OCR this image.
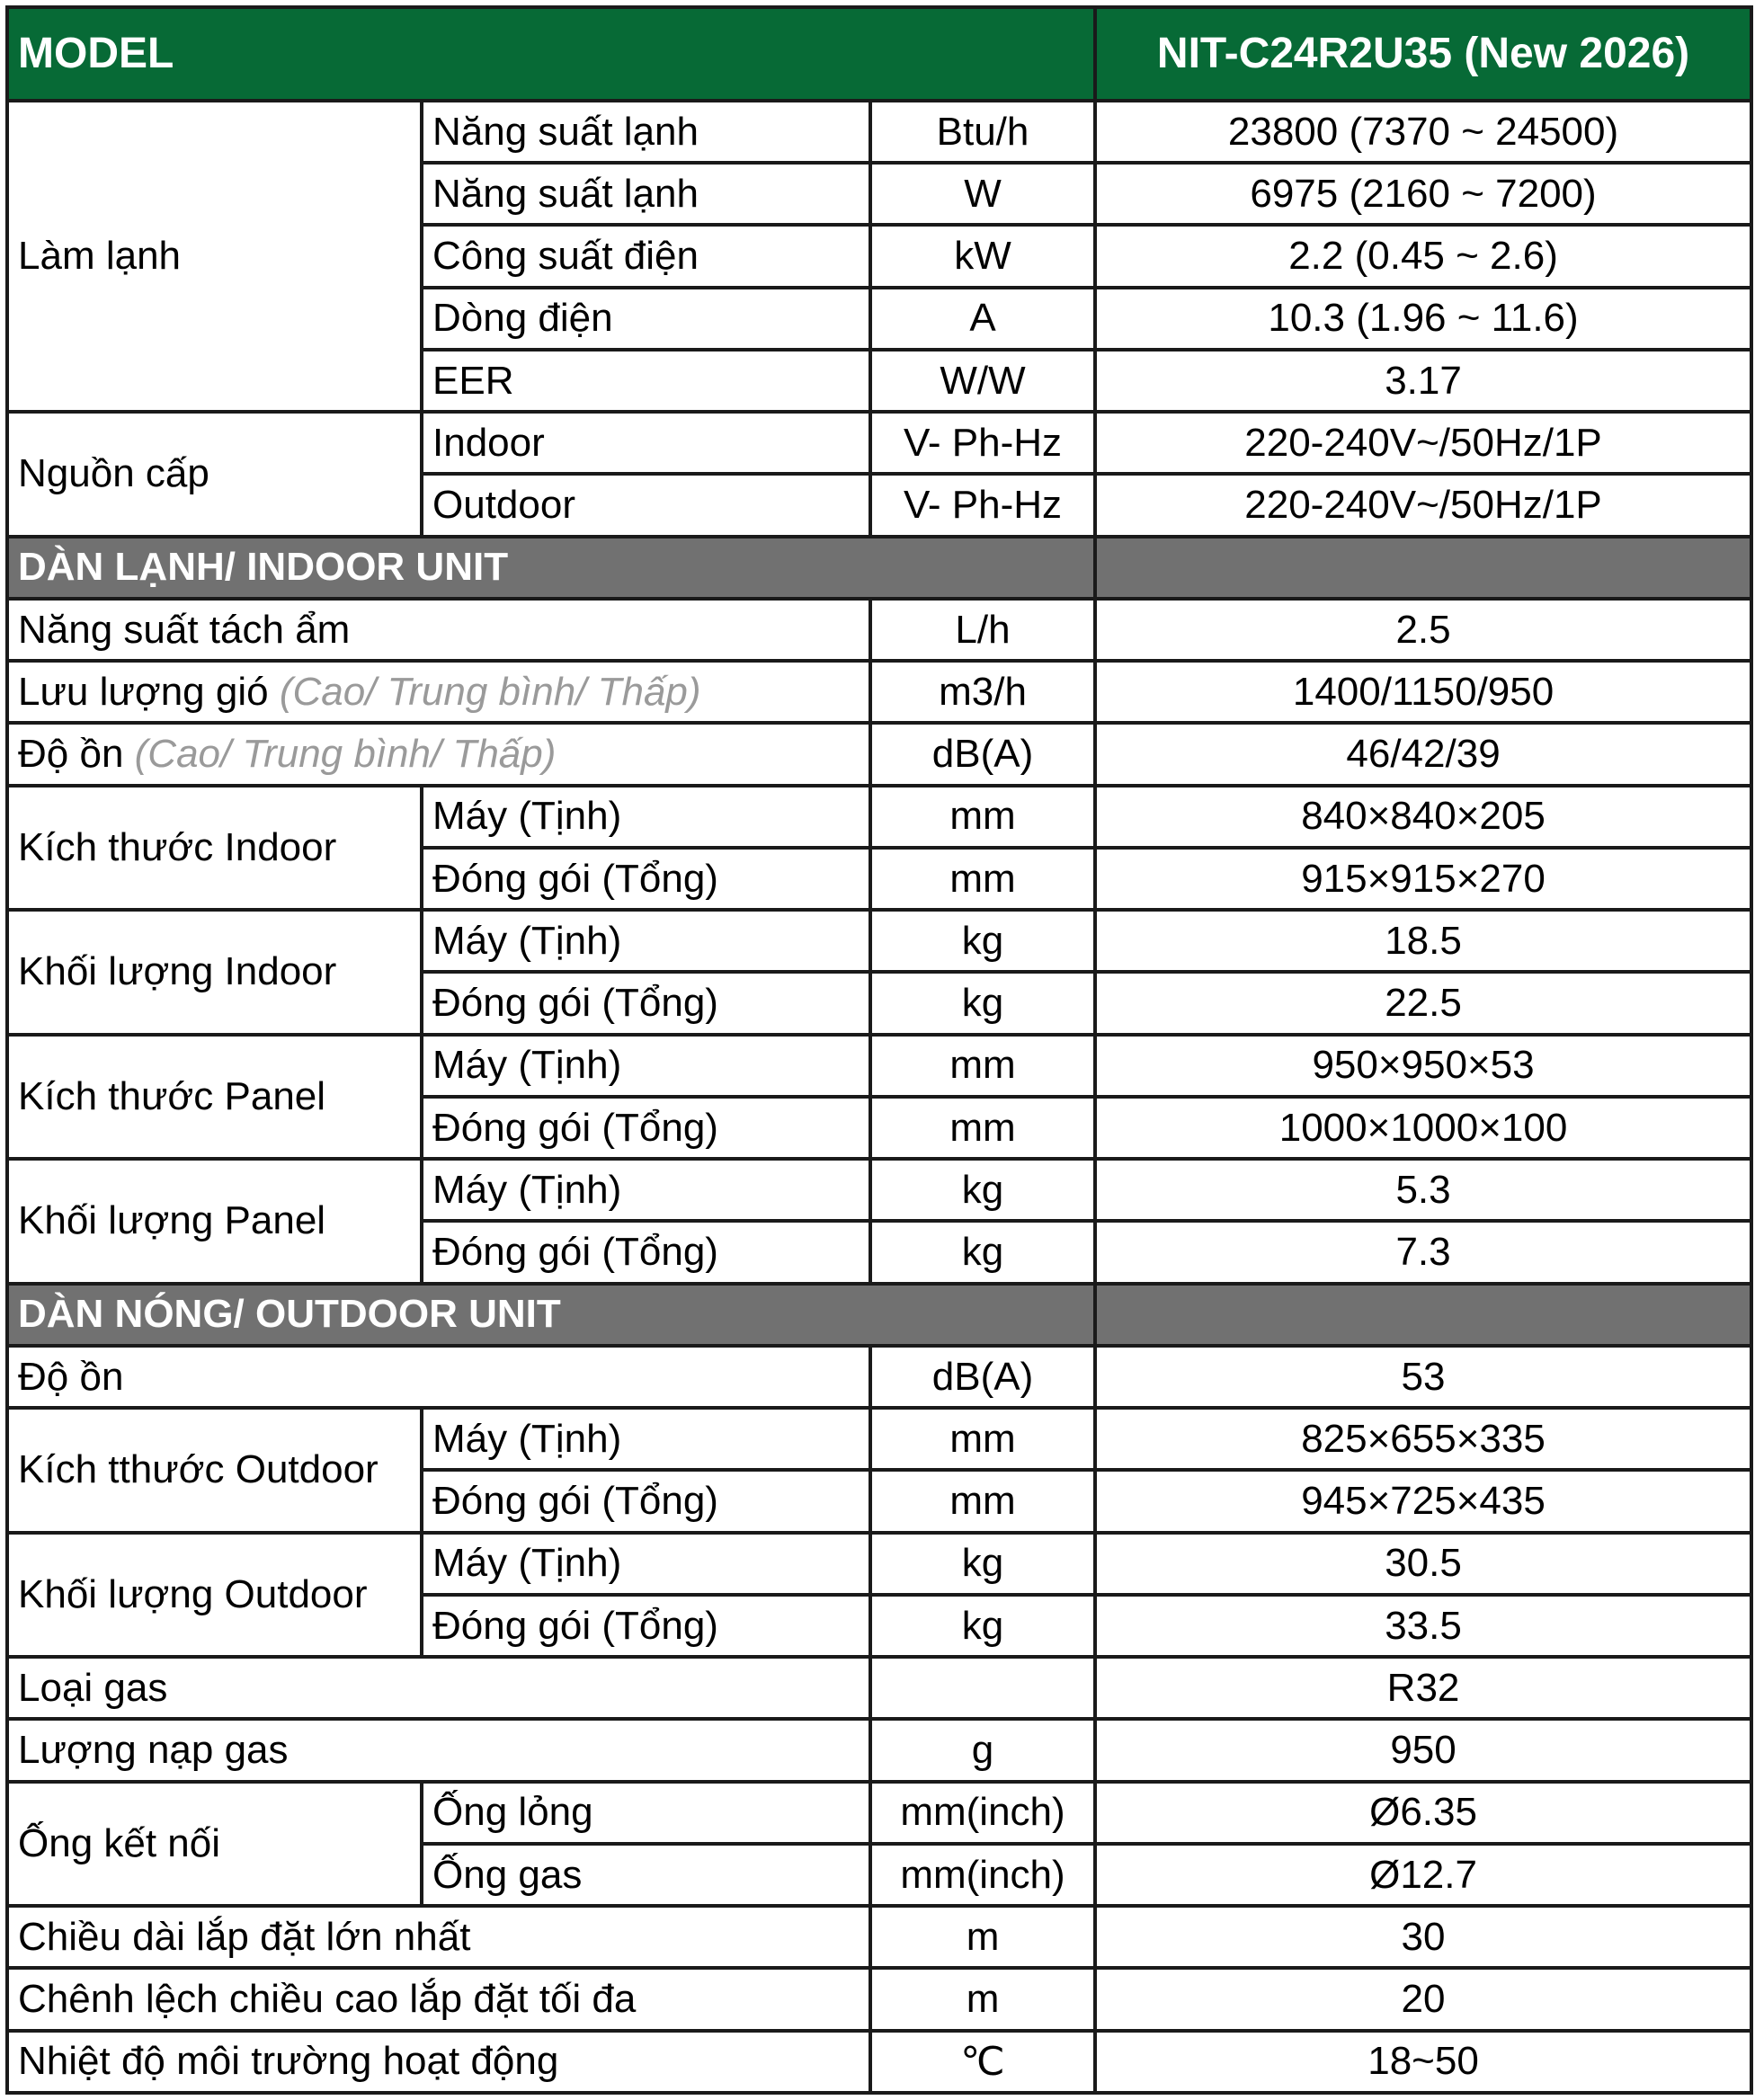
MODEL			NIT-C24R2U35 (New 2026)
Làm lạnh	Năng suất lạnh	Btu/h	23800 (7370 ~ 24500)
	Năng suất lạnh	W	6975 (2160 ~ 7200)
	Công suất điện	kW	2.2 (0.45 ~ 2.6)
	Dòng điện	A	10.3 (1.96 ~ 11.6)
	EER	W/W	3.17
Nguồn cấp	Indoor	V- Ph-Hz	220-240V~/50Hz/1P
	Outdoor	V- Ph-Hz	220-240V~/50Hz/1P
DÀN LẠNH/ INDOOR UNIT			
Năng suất tách ẩm		L/h	2.5
Lưu lượng gió (Cao/ Trung bình/ Thấp)		m3/h	1400/1150/950
Độ ồn (Cao/ Trung bình/ Thấp)		dB(A)	46/42/39
Kích thước Indoor	Máy (Tịnh)	mm	840×840×205
	Đóng gói (Tổng)	mm	915×915×270
Khối lượng Indoor	Máy (Tịnh)	kg	18.5
	Đóng gói (Tổng)	kg	22.5
Kích thước Panel	Máy (Tịnh)	mm	950×950×53
	Đóng gói (Tổng)	mm	1000×1000×100
Khối lượng Panel	Máy (Tịnh)	kg	5.3
	Đóng gói (Tổng)	kg	7.3
DÀN NÓNG/ OUTDOOR UNIT			
Độ ồn		dB(A)	53
Kích tthước Outdoor	Máy (Tịnh)	mm	825×655×335
	Đóng gói (Tổng)	mm	945×725×435
Khối lượng Outdoor	Máy (Tịnh)	kg	30.5
	Đóng gói (Tổng)	kg	33.5
Loại gas			R32
Lượng nạp gas		g	950
Ống kết nối	Ống lỏng	mm(inch)	Ø6.35
	Ống gas	mm(inch)	Ø12.7
Chiều dài lắp đặt lớn nhất		m	30
Chênh lệch chiều cao lắp đặt tối đa		m	20
Nhiệt độ môi trường hoạt động		℃	18~50
